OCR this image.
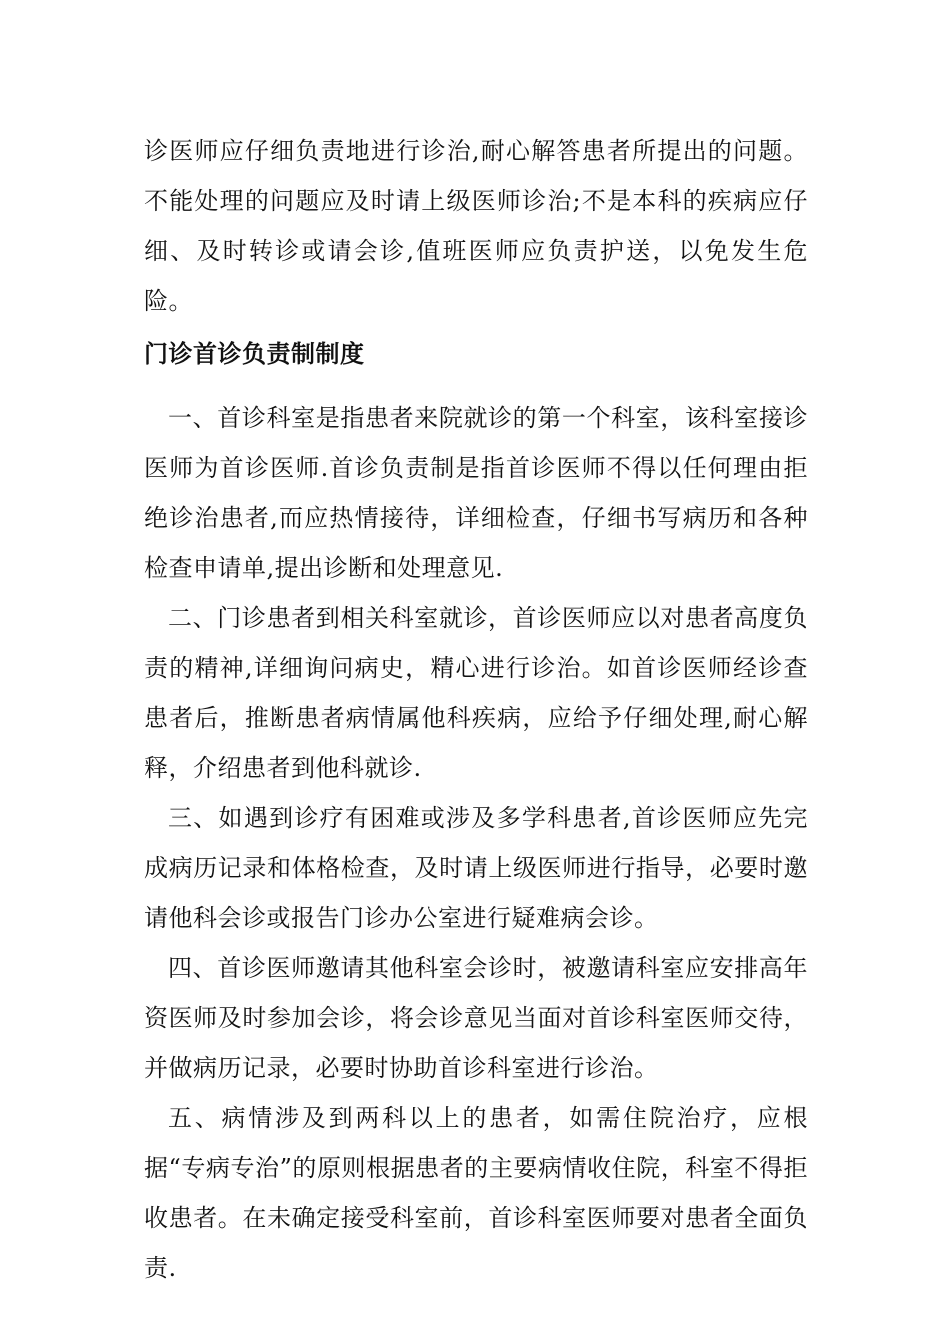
诊医师应仔细负责地进行诊治,耐心解答患者所提出的问题。不能处理的问题应及时请上级医师诊治;不是本科的疾病应仔细、及时转诊或请会诊,值班医师应负责护送，以免发生危险。

门诊首诊负责制制度

一、首诊科室是指患者来院就诊的第一个科室，该科室接诊医师为首诊医师.首诊负责制是指首诊医师不得以任何理由拒绝诊治患者,而应热情接待，详细检查，仔细书写病历和各种检查申请单,提出诊断和处理意见.

二、门诊患者到相关科室就诊，首诊医师应以对患者高度负责的精神,详细询问病史，精心进行诊治。如首诊医师经诊查患者后，推断患者病情属他科疾病，应给予仔细处理,耐心解释，介绍患者到他科就诊.

三、如遇到诊疗有困难或涉及多学科患者,首诊医师应先完成病历记录和体格检查，及时请上级医师进行指导，必要时邀请他科会诊或报告门诊办公室进行疑难病会诊。

四、首诊医师邀请其他科室会诊时，被邀请科室应安排高年资医师及时参加会诊，将会诊意见当面对首诊科室医师交待，并做病历记录，必要时协助首诊科室进行诊治。

五、病情涉及到两科以上的患者，如需住院治疗，应根据“专病专治”的原则根据患者的主要病情收住院，科室不得拒收患者。在未确定接受科室前，首诊科室医师要对患者全面负责.
